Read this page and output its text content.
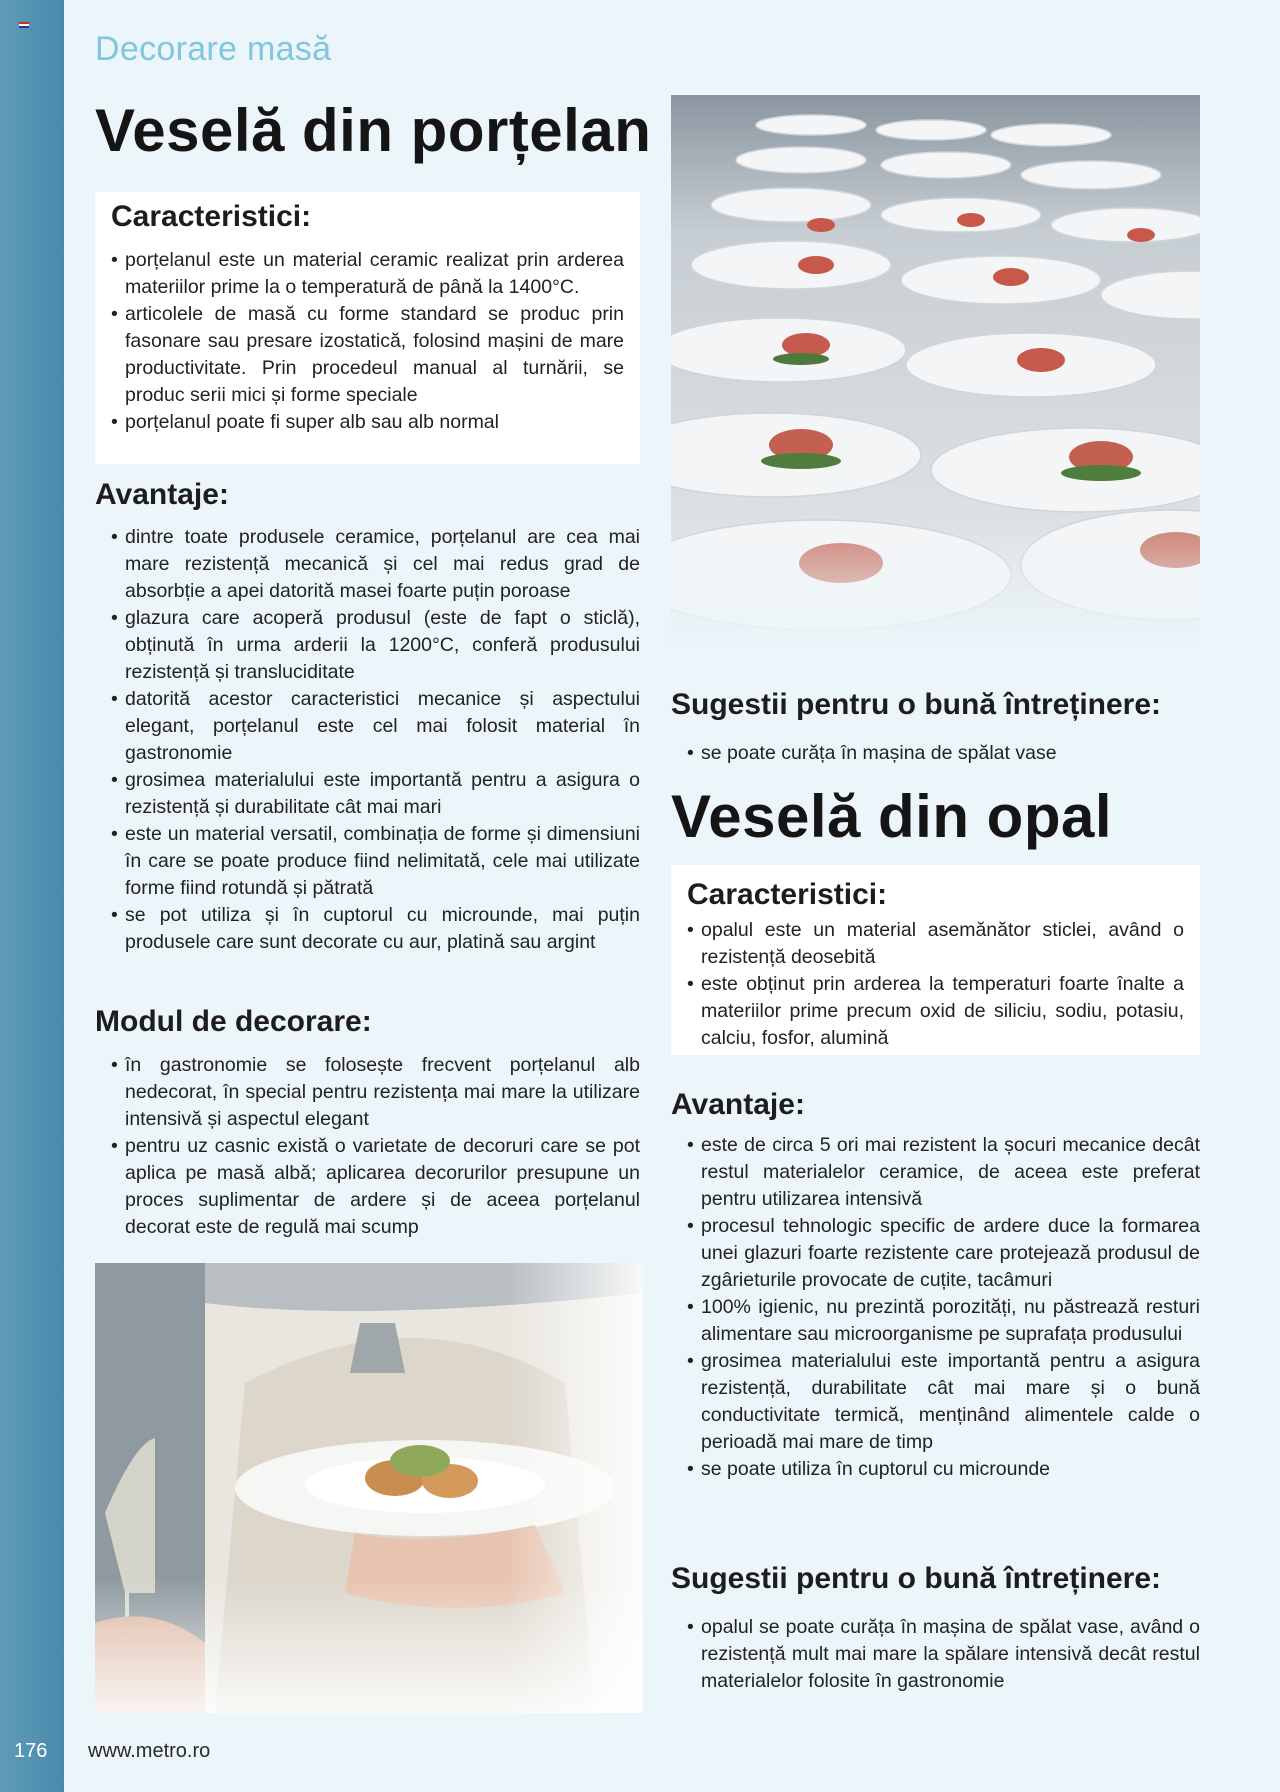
176 www.metro.ro
Decorare masă
Veselă din porțelan
Caracteristici:
• porțelanul este un material ceramic realizat prin arderea materiilor prime la o temperatură de până la 1400°C.
• articolele de masă cu forme standard se produc prin fasonare sau presare izostatică, folosind mașini de mare productivitate. Prin procedeul manual al turnării, se produc serii mici și forme speciale
• porțelanul poate fi super alb sau alb normal
Avantaje:
• dintre toate produsele ceramice, porțelanul are cea mai mare rezistență mecanică și cel mai redus grad de absorbție a apei datorită masei foarte puțin poroase
• glazura care acoperă produsul (este de fapt o sticlă), obținută în urma arderii la 1200°C, conferă produsului rezistență și transluciditate
• datorită acestor caracteristici mecanice și aspectului elegant, porțelanul este cel mai folosit material în gastronomie
• grosimea materialului este importantă pentru a asigura o rezistență și durabilitate cât mai mari
• este un material versatil, combinația de forme și dimensiuni în care se poate produce fiind nelimitată, cele mai utilizate forme fiind rotundă și pătrată
• se pot utiliza și în cuptorul cu microunde, mai puțin produsele care sunt decorate cu aur, platină sau argint
Modul de decorare:
• în gastronomie se folosește frecvent porțelanul alb nedecorat, în special pentru rezistența mai mare la utilizare intensivă și aspectul elegant
• pentru uz casnic există o varietate de decoruri care se pot aplica pe masă albă; aplicarea decorurilor presupune un proces suplimentar de ardere și de aceea porțelanul decorat este de regulă mai scump
Sugestii pentru o bună întreținere:
• se poate curăța în mașina de spălat vase
Veselă din opal
Caracteristici:
• opalul este un material asemănător sticlei, având o rezistență deosebită
• este obținut prin arderea la temperaturi foarte înalte a materiilor prime precum oxid de siliciu, sodiu, potasiu, calciu, fosfor, alumină
Avantaje:
• este de circa 5 ori mai rezistent la șocuri mecanice decât restul materialelor ceramice, de aceea este preferat pentru utilizarea intensivă
• procesul tehnologic specific de ardere duce la formarea unei glazuri foarte rezistente care protejează produsul de zgârieturile provocate de cuțite, tacâmuri
• 100% igienic, nu prezintă porozități, nu păstrează resturi alimentare sau microorganisme pe suprafața produsului
• grosimea materialului este importantă pentru a asigura rezistență, durabilitate cât mai mare și o bună conductivitate termică, menținând alimentele calde o perioadă mai mare de timp
• se poate utiliza în cuptorul cu microunde
Sugestii pentru o bună întreținere:
• opalul se poate curăța în mașina de spălat vase, având o rezistență mult mai mare la spălare intensivă decât restul materialelor folosite în gastronomie
